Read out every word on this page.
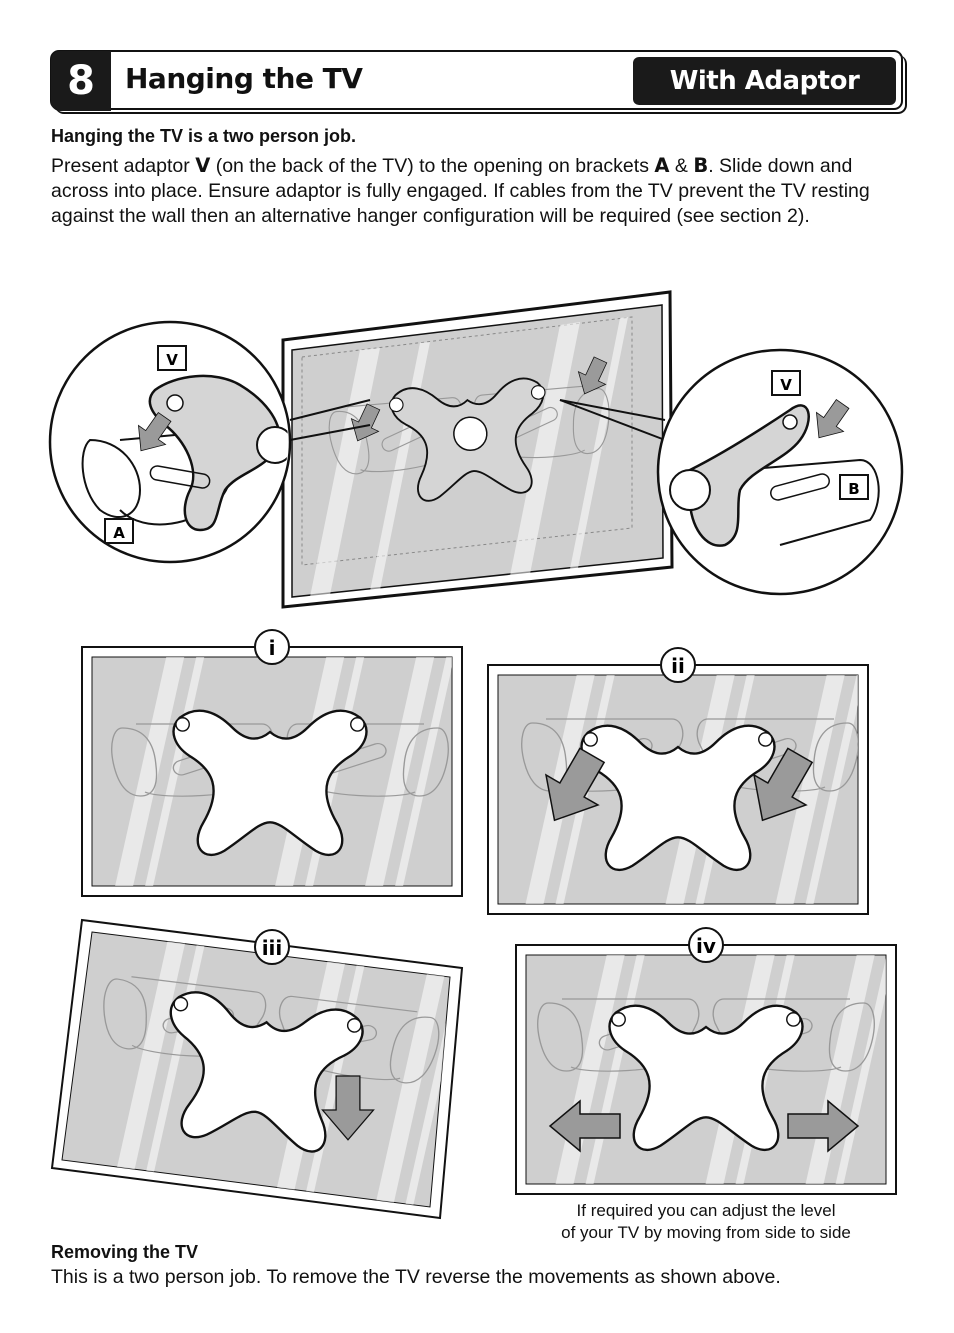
8	Hanging the TV	With Adaptor
Hanging the TV is a two person job.
Present adaptor V (on the back of the TV) to the opening on brackets A & B. Slide down and across into place. Ensure adaptor is fully engaged. If cables from the TV prevent the TV resting against the wall then an alternative hanger configuration will be required (see section 2).
V
A
V
B
i
ii
iii	iv
If required you can adjust the level
of your TV by moving from side to side
Removing the TV
This is a two person job. To remove the TV reverse the movements as shown above.
